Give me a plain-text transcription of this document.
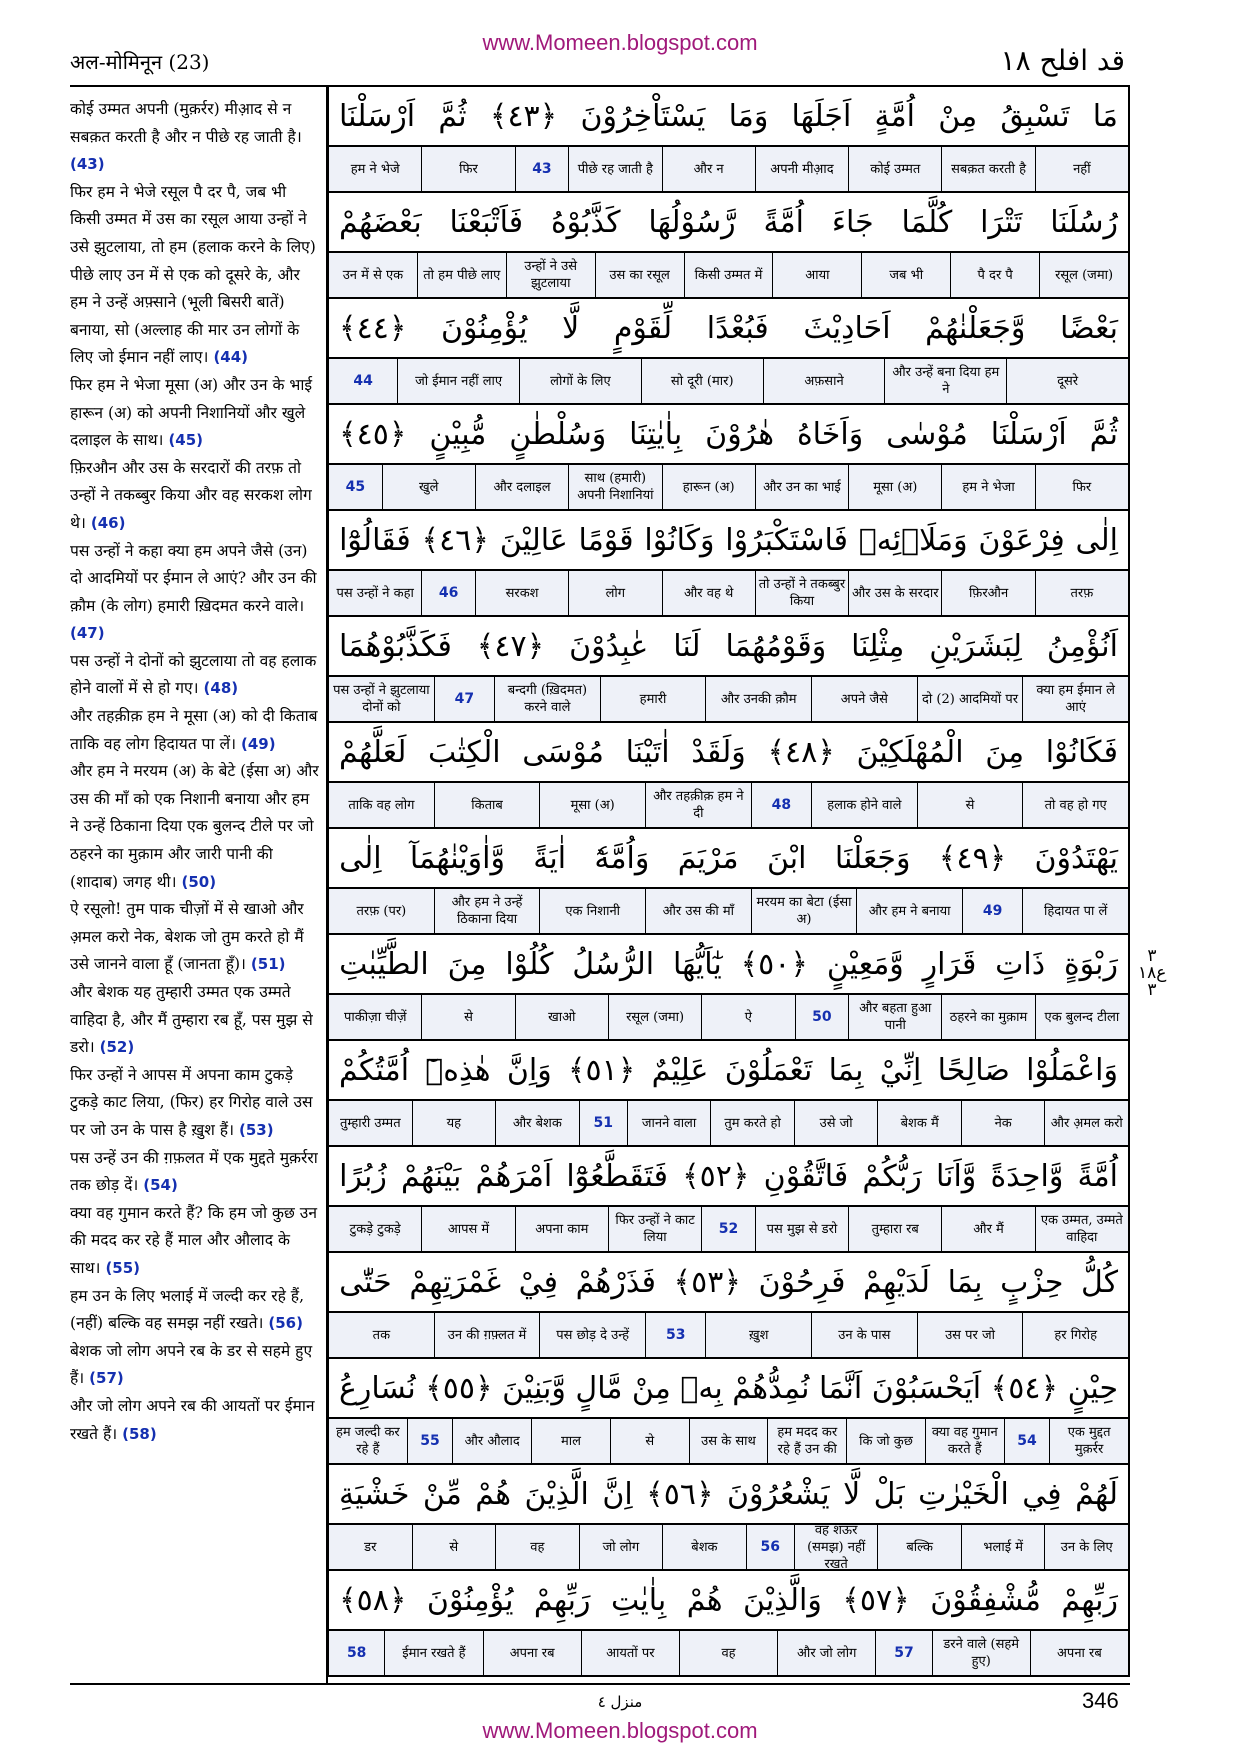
अल-मोमिनून (23)
www.Momeen.blogspot.com
قد افلح ١٨
कोई उम्मत अपनी (मुक़र्रर) मीआ़द से न सबक़त करती है और न पीछे रह जाती है। (43)
फिर हम ने भेजे रसूल पै दर पै, जब भी किसी उम्मत में उस का रसूल आया उन्हों ने उसे झुटलाया, तो हम (हलाक करने के लिए) पीछे लाए उन में से एक को दूसरे के, और हम ने उन्हें अफ़्साने (भूली बिसरी बातें) बनाया, सो (अल्लाह की मार उन लोगों के लिए जो ईमान नहीं लाए। (44)
फिर हम ने भेजा मूसा (अ) और उन के भाई हारून (अ) को अपनी निशानियों और खुले दलाइल के साथ। (45)
फ़िरऔन और उस के सरदारों की तरफ़ तो उन्हों ने तकब्बुर किया और वह सरकश लोग थे। (46)
पस उन्हों ने कहा क्या हम अपने जैसे (उन) दो आदमियों पर ईमान ले आएं? और उन की क़ौम (के लोग) हमारी ख़िदमत करने वाले। (47)
पस उन्हों ने दोनों को झुटलाया तो वह हलाक होने वालों में से हो गए। (48)
और तहक़ीक़ हम ने मूसा (अ) को दी किताब ताकि वह लोग हिदायत पा लें। (49)
और हम ने मरयम (अ) के बेटे (ईसा अ) और उस की माँ को एक निशानी बनाया और हम ने उन्हें ठिकाना दिया एक बुलन्द टीले पर जो ठहरने का मुक़ाम और जारी पानी की (शादाब) जगह थी। (50)
ऐ रसूलो! तुम पाक चीज़ों में से खाओ और अ़मल करो नेक, बेशक जो तुम करते हो मैं उसे जानने वाला हूँ (जानता हूँ)। (51)
और बेशक यह तुम्हारी उम्मत एक उम्मते वाहिदा है, और मैं तुम्हारा रब हूँ, पस मुझ से डरो। (52)
फिर उन्हों ने आपस में अपना काम टुकड़े टुकड़े काट लिया, (फिर) हर गिरोह वाले उस पर जो उन के पास है ख़ुश हैं। (53)
पस उन्हें उन की ग़फ़लत में एक मुद्दते मुक़र्ररा तक छोड़ दें। (54)
क्या वह गुमान करते हैं? कि हम जो कुछ उन की मदद कर रहे हैं माल और औलाद के साथ। (55)
हम उन के लिए भलाई में जल्दी कर रहे हैं, (नहीं) बल्कि वह समझ नहीं रखते। (56)
बेशक जो लोग अपने रब के डर से सहमे हुए हैं। (57)
और जो लोग अपने रब की आयतों पर ईमान रखते हैं। (58)
مَا
تَسْبِقُ
مِنْ
اُمَّةٍ
اَجَلَهَا
وَمَا
يَسْتَاْخِرُوْنَ
﴿٤٣﴾
ثُمَّ
اَرْسَلْنَا
नहीं
सबक़त करती है
कोई उम्मत
अपनी मीआ़द
और न
पीछे रह जाती है
43
फिर
हम ने भेजे
رُسُلَنَا
تَتْرَا
كُلَّمَا
جَاءَ
اُمَّةً
رَّسُوْلُهَا
كَذَّبُوْهُ
فَاَتْبَعْنَا
بَعْضَهُمْ
रसूल (जमा)
पै दर पै
जब भी
आया
किसी उम्मत में
उस का रसूल
उन्हों ने उसे झुटलाया
तो हम पीछे लाए
उन में से एक
بَعْضًا
وَّجَعَلْنٰهُمْ
اَحَادِيْثَ
فَبُعْدًا
لِّقَوْمٍ
لَّا
يُؤْمِنُوْنَ
﴿٤٤﴾
दूसरे
और उन्हें बना दिया हम ने
अफ़साने
सो दूरी (मार)
लोगों के लिए
जो ईमान नहीं लाए
44
ثُمَّ
اَرْسَلْنَا
مُوْسٰى
وَاَخَاهُ
هٰرُوْنَ
بِاٰيٰتِنَا
وَسُلْطٰنٍ
مُّبِيْنٍ
﴿٤٥﴾
फिर
हम ने भेजा
मूसा (अ)
और उन का भाई
हारून (अ)
साथ (हमारी) अपनी निशानियां
और दलाइल
खुले
45
اِلٰى
فِرْعَوْنَ
وَمَلَا۟ئِهٖ
فَاسْتَكْبَرُوْا
وَكَانُوْا
قَوْمًا
عَالِيْنَ
﴿٤٦﴾
فَقَالُوْٓا
तरफ़
फ़िरऔन
और उस के सरदार
तो उन्हों ने तकब्बुर किया
और वह थे
लोग
सरकश
46
पस उन्हों ने कहा
اَنُؤْمِنُ
لِبَشَرَيْنِ
مِثْلِنَا
وَقَوْمُهُمَا
لَنَا
عٰبِدُوْنَ
﴿٤٧﴾
فَكَذَّبُوْهُمَا
क्या हम ईमान ले आएं
दो (2) आदमियों पर
अपने जैसे
और उनकी क़ौम
हमारी
बन्दगी (ख़िदमत) करने वाले
47
पस उन्हों ने झुटलाया दोनों को
فَكَانُوْا
مِنَ
الْمُهْلَكِيْنَ
﴿٤٨﴾
وَلَقَدْ
اٰتَيْنَا
مُوْسَى
الْكِتٰبَ
لَعَلَّهُمْ
तो वह हो गए
से
हलाक होने वाले
48
और तहक़ीक़ हम ने दी
मूसा (अ)
किताब
ताकि वह लोग
يَهْتَدُوْنَ
﴿٤٩﴾
وَجَعَلْنَا
ابْنَ
مَرْيَمَ
وَاُمَّهٗٓ
اٰيَةً
وَّاٰوَيْنٰهُمَآ
اِلٰى
हिदायत पा लें
49
और हम ने बनाया
मरयम का बेटा (ईसा अ)
और उस की माँ
एक निशानी
और हम ने उन्हें ठिकाना दिया
तरफ़ (पर)
رَبْوَةٍ
ذَاتِ
قَرَارٍ
وَّمَعِيْنٍ
﴿٥٠﴾
يٰٓاَيُّهَا
الرُّسُلُ
كُلُوْا
مِنَ
الطَّيِّبٰتِ
एक बुलन्द टीला
ठहरने का मुक़ाम
और बहता हुआ पानी
50
ऐ
रसूल (जमा)
खाओ
से
पाकीज़ा चीज़ें
وَاعْمَلُوْا
صَالِحًا
اِنِّيْ
بِمَا
تَعْمَلُوْنَ
عَلِيْمٌ
﴿٥١﴾
وَاِنَّ
هٰذِهٖٓ
اُمَّتُكُمْ
और अ़मल करो
नेक
बेशक मैं
उसे जो
तुम करते हो
जानने वाला
51
और बेशक
यह
तुम्हारी उम्मत
اُمَّةً
وَّاحِدَةً
وَّاَنَا
رَبُّكُمْ
فَاتَّقُوْنِ
﴿٥٢﴾
فَتَقَطَّعُوْٓا
اَمْرَهُمْ
بَيْنَهُمْ
زُبُرًا
एक उम्मत, उम्मते वाहिदा
और मैं
तुम्हारा रब
पस मुझ से डरो
52
फिर उन्हों ने काट लिया
अपना काम
आपस में
टुकड़े टुकड़े
كُلُّ
حِزْبٍ
بِمَا
لَدَيْهِمْ
فَرِحُوْنَ
﴿٥٣﴾
فَذَرْهُمْ
فِيْ
غَمْرَتِهِمْ
حَتّٰى
हर गिरोह
उस पर जो
उन के पास
ख़ुश
53
पस छोड़ दे उन्हें
उन की ग़फ़्लत में
तक
حِيْنٍ
﴿٥٤﴾
اَيَحْسَبُوْنَ
اَنَّمَا
نُمِدُّهُمْ
بِهٖ
مِنْ
مَّالٍ
وَّبَنِيْنَ
﴿٥٥﴾
نُسَارِعُ
एक मुद्दत मुक़र्रर
54
क्या वह गुमान करते हैं
कि जो कुछ
हम मदद कर रहे हैं उन की
उस के साथ
से
माल
और औलाद
55
हम जल्दी कर रहे हैं
لَهُمْ
فِي
الْخَيْرٰتِ
بَلْ
لَّا
يَشْعُرُوْنَ
﴿٥٦﴾
اِنَّ
الَّذِيْنَ
هُمْ
مِّنْ
خَشْيَةِ
उन के लिए
भलाई में
बल्कि
वह शऊर (समझ) नहीं रखते
56
बेशक
जो लोग
वह
से
डर
رَبِّهِمْ
مُّشْفِقُوْنَ
﴿٥٧﴾
وَالَّذِيْنَ
هُمْ
بِاٰيٰتِ
رَبِّهِمْ
يُؤْمِنُوْنَ
﴿٥٨﴾
अपना रब
डरने वाले (सहमे हुए)
57
और जो लोग
वह
आयतों पर
अपना रब
ईमान रखते हैं
58
٣ ع١٨ ٣
منزل ٤	346
www.Momeen.blogspot.com
